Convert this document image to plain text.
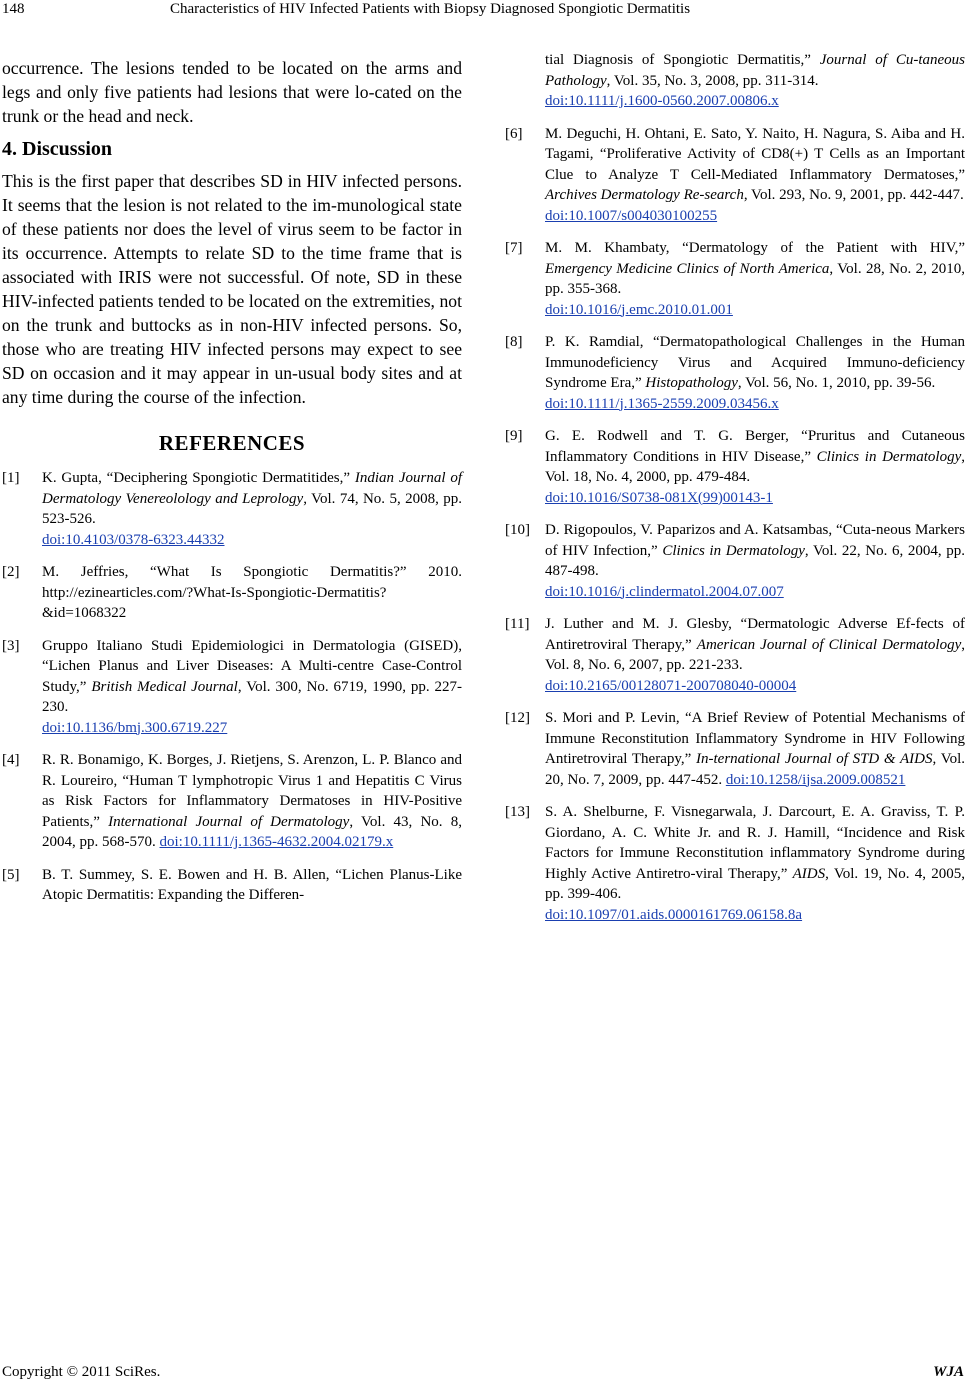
148	Characteristics of HIV Infected Patients with Biopsy Diagnosed Spongiotic Dermatitis

occurrence. The lesions tended to be located on the arms and legs and only five patients had lesions that were lo-cated on the trunk or the head and neck.

4. Discussion

This is the first paper that describes SD in HIV infected persons. It seems that the lesion is not related to the im-munological state of these patients nor does the level of virus seem to be factor in its occurrence. Attempts to relate SD to the time frame that is associated with IRIS were not successful. Of note, SD in these HIV-infected patients tended to be located on the extremities, not on the trunk and buttocks as in non-HIV infected persons. So, those who are treating HIV infected persons may expect to see SD on occasion and it may appear in un-usual body sites and at any time during the course of the infection.

REFERENCES
[1]	K. Gupta, “Deciphering Spongiotic Dermatitides,” Indian Journal of Dermatology Venereolology and Leprology, Vol. 74, No. 5, 2008, pp. 523-526.
doi:10.4103/0378-6323.44332
[2]	M. Jeffries, “What Is Spongiotic Dermatitis?” 2010. http://ezinearticles.com/?What-Is-Spongiotic-Dermatitis? &id=1068322
[3]	Gruppo Italiano Studi Epidemiologici in Dermatologia (GISED), “Lichen Planus and Liver Diseases: A Multi-centre Case-Control Study,” British Medical Journal, Vol. 300, No. 6719, 1990, pp. 227-230.
doi:10.1136/bmj.300.6719.227
[4]	R. R. Bonamigo, K. Borges, J. Rietjens, S. Arenzon, L. P. Blanco and R. Loureiro, “Human T lymphotropic Virus 1 and Hepatitis C Virus as Risk Factors for Inflammatory Dermatoses in HIV-Positive Patients,” International Journal of Dermatology, Vol. 43, No. 8, 2004, pp. 568-570. doi:10.1111/j.1365-4632.2004.02179.x
[5]	B. T. Summey, S. E. Bowen and H. B. Allen, “Lichen Planus-Like Atopic Dermatitis: Expanding the Differen-
tial Diagnosis of Spongiotic Dermatitis,” Journal of Cu-taneous Pathology, Vol. 35, No. 3, 2008, pp. 311-314.
doi:10.1111/j.1600-0560.2007.00806.x
[6]	M. Deguchi, H. Ohtani, E. Sato, Y. Naito, H. Nagura, S. Aiba and H. Tagami, “Proliferative Activity of CD8(+) T Cells as an Important Clue to Analyze T Cell-Mediated Inflammatory Dermatoses,” Archives Dermatology Re-search, Vol. 293, No. 9, 2001, pp. 442-447.
doi:10.1007/s004030100255
[7]	M. M. Khambaty, “Dermatology of the Patient with HIV,” Emergency Medicine Clinics of North America, Vol. 28, No. 2, 2010, pp. 355-368.
doi:10.1016/j.emc.2010.01.001
[8]	P. K. Ramdial, “Dermatopathological Challenges in the Human Immunodeficiency Virus and Acquired Immuno-deficiency Syndrome Era,” Histopathology, Vol. 56, No. 1, 2010, pp. 39-56.
doi:10.1111/j.1365-2559.2009.03456.x
[9]	G. E. Rodwell and T. G. Berger, “Pruritus and Cutaneous Inflammatory Conditions in HIV Disease,” Clinics in Dermatology, Vol. 18, No. 4, 2000, pp. 479-484.
doi:10.1016/S0738-081X(99)00143-1
[10]	D. Rigopoulos, V. Paparizos and A. Katsambas, “Cuta-neous Markers of HIV Infection,” Clinics in Dermatology, Vol. 22, No. 6, 2004, pp. 487-498.
doi:10.1016/j.clindermatol.2004.07.007
[11]	J. Luther and M. J. Glesby, “Dermatologic Adverse Ef-fects of Antiretroviral Therapy,” American Journal of Clinical Dermatology, Vol. 8, No. 6, 2007, pp. 221-233.
doi:10.2165/00128071-200708040-00004
[12]	S. Mori and P. Levin, “A Brief Review of Potential Mechanisms of Immune Reconstitution Inflammatory Syndrome in HIV Following Antiretroviral Therapy,” In-ternational Journal of STD & AIDS, Vol. 20, No. 7, 2009, pp. 447-452. doi:10.1258/ijsa.2009.008521
[13]	S. A. Shelburne, F. Visnegarwala, J. Darcourt, E. A. Graviss, T. P. Giordano, A. C. White Jr. and R. J. Hamill, “Incidence and Risk Factors for Immune Reconstitution inflammatory Syndrome during Highly Active Antiretro-viral Therapy,” AIDS, Vol. 19, No. 4, 2005, pp. 399-406.
doi:10.1097/01.aids.0000161769.06158.8a
Copyright © 2011 SciRes.	WJA
